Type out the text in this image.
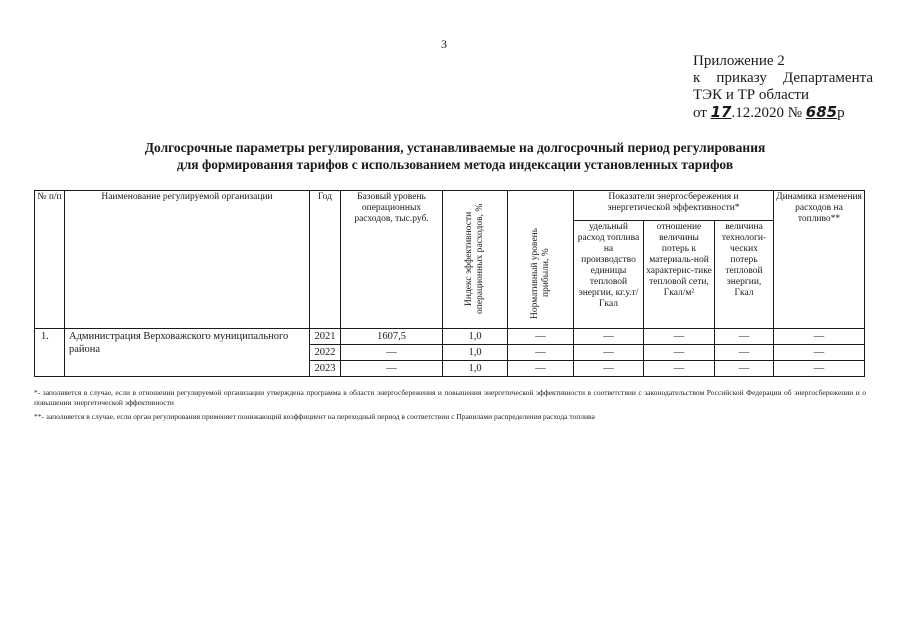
3
Приложение 2
к приказу Департамента
ТЭК и ТР области
от 17.12.2020 № 685р
Долгосрочные параметры регулирования, устанавливаемые на долгосрочный период регулирования
для формирования тарифов с использованием метода индексации установленных тарифов
№ п/п	Наименование регулируемой организации	Год	Базовый уровень операционных расходов, тыс.руб.	Индекс эффективности операционных расходов, %	Нормативный уровень прибыли, %	Показатели энергосбережения и энергетической эффективности*			Динамика изменения расходов на топливо**
						удельный расход топлива на производство единицы тепловой энергии, кг.у.т/Гкал	отношение величины потерь к материаль-ной характерис-тике тепловой сети, Гкал/м²	величина технологи-ческих потерь тепловой энергии, Гкал	
1.	Администрация Верховажского муниципального района	2021	1607,5	1,0	—	—	—	—	—
		2022	—	1,0	—	—	—	—	—
		2023	—	1,0	—	—	—	—	—
*- заполняется в случае, если в отношении регулируемой организации утверждена программа в области энергосбережения и повышения энергетической эффективности в соответствии с законодательством Российской Федерации об энергосбережении и о повышении энергетической эффективности
**- заполняется в случае, если орган регулирования применяет понижающий коэффициент на переходный период в соответствии с Правилами распределения расхода топлива
